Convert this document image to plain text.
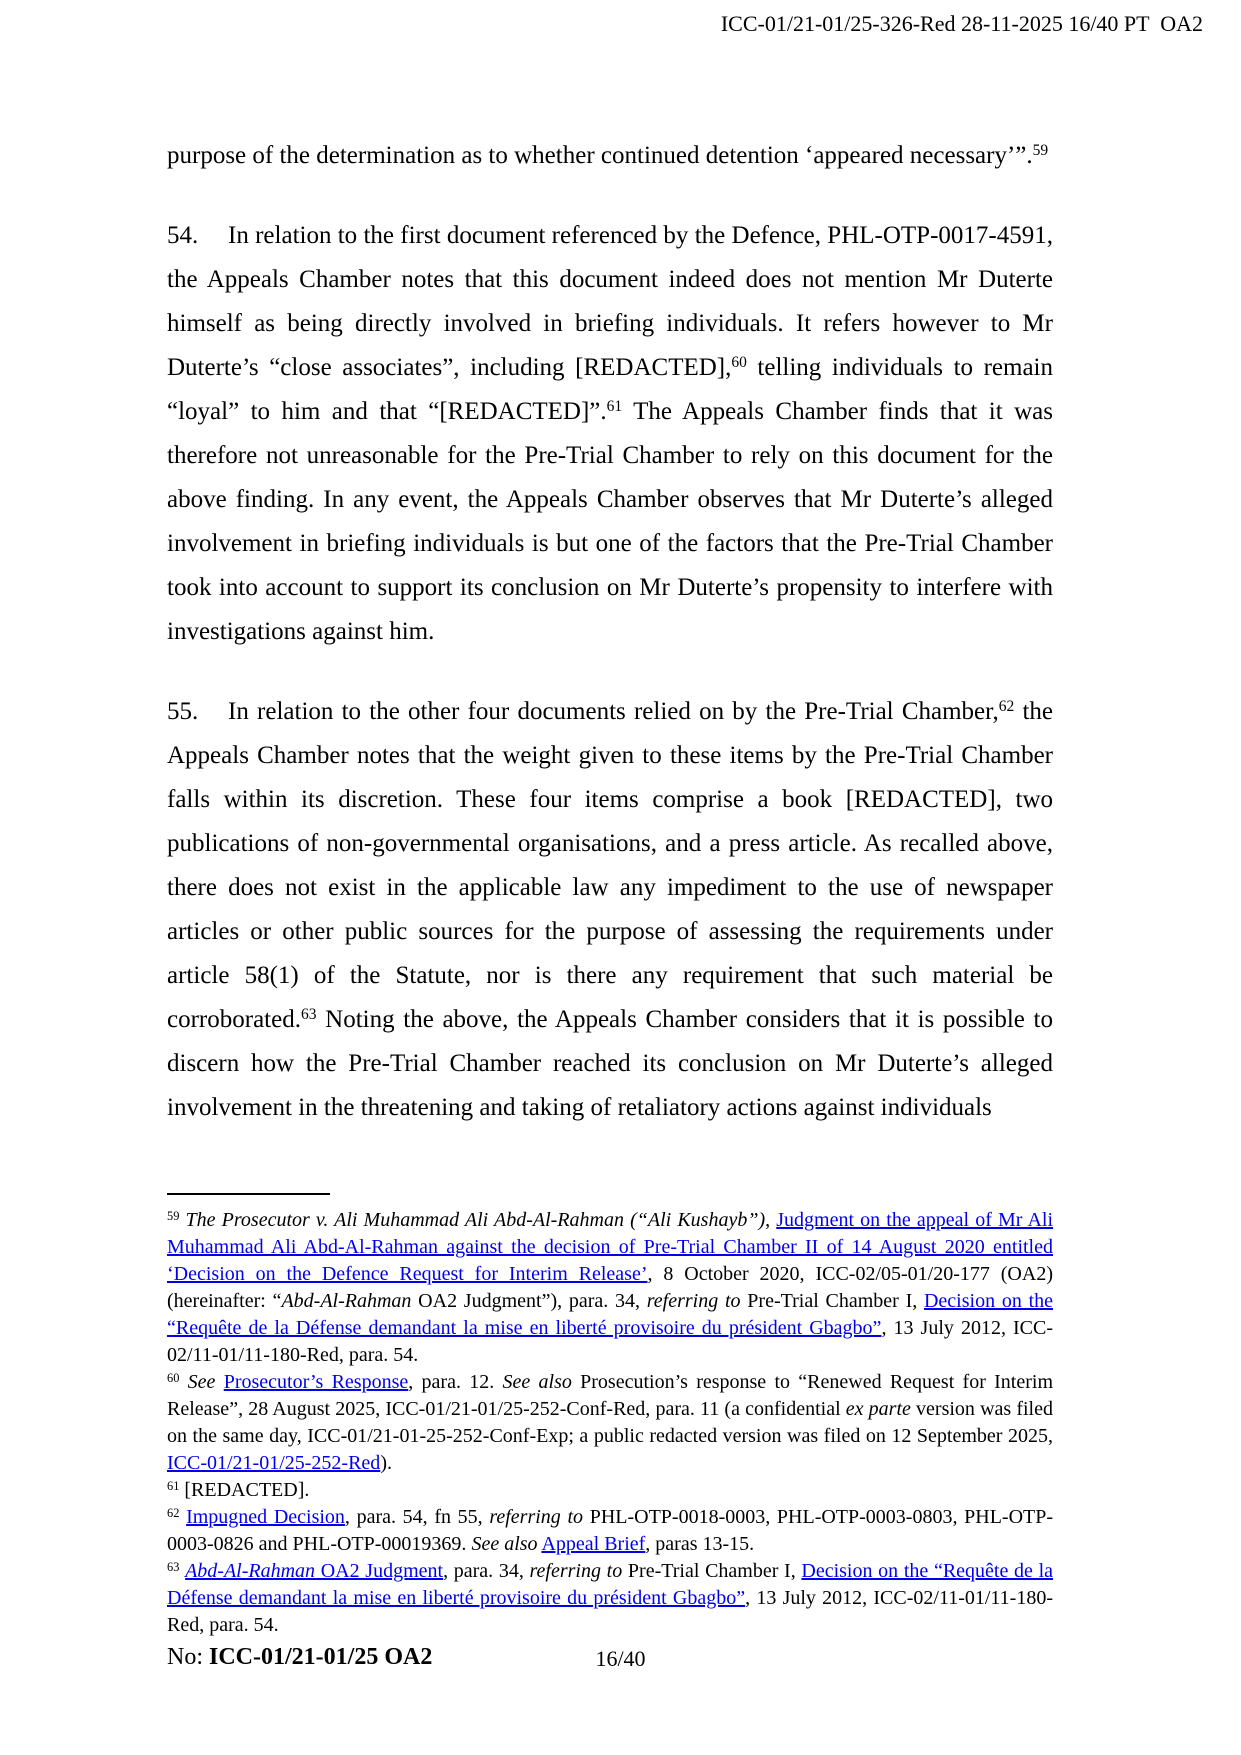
ICC-01/21-01/25-326-Red 28-11-2025 16/40 PT  OA2

purpose of the determination as to whether continued detention ‘appeared necessary’”.$^{59}$

54. In relation to the first document referenced by the Defence, PHL-OTP-0017-4591, the Appeals Chamber notes that this document indeed does not mention Mr Duterte himself as being directly involved in briefing individuals. It refers however to Mr Duterte’s “close associates”, including [REDACTED],$^{60}$ telling individuals to remain “loyal” to him and that “[REDACTED]”.$^{61}$ The Appeals Chamber finds that it was therefore not unreasonable for the Pre-Trial Chamber to rely on this document for the above finding. In any event, the Appeals Chamber observes that Mr Duterte’s alleged involvement in briefing individuals is but one of the factors that the Pre-Trial Chamber took into account to support its conclusion on Mr Duterte’s propensity to interfere with investigations against him.

55. In relation to the other four documents relied on by the Pre-Trial Chamber,$^{62}$ the Appeals Chamber notes that the weight given to these items by the Pre-Trial Chamber falls within its discretion. These four items comprise a book [REDACTED], two publications of non-governmental organisations, and a press article. As recalled above, there does not exist in the applicable law any impediment to the use of newspaper articles or other public sources for the purpose of assessing the requirements under article 58(1) of the Statute, nor is there any requirement that such material be corroborated.$^{63}$ Noting the above, the Appeals Chamber considers that it is possible to discern how the Pre-Trial Chamber reached its conclusion on Mr Duterte’s alleged involvement in the threatening and taking of retaliatory actions against individuals

$^{59}$ The Prosecutor v. Ali Muhammad Ali Abd-Al-Rahman (“Ali Kushayb”), Judgment on the appeal of Mr Ali Muhammad Ali Abd-Al-Rahman against the decision of Pre-Trial Chamber II of 14 August 2020 entitled ‘Decision on the Defence Request for Interim Release’, 8 October 2020, ICC-02/05-01/20-177 (OA2) (hereinafter: “Abd-Al-Rahman OA2 Judgment”), para. 34, referring to Pre-Trial Chamber I, Decision on the “Requête de la Défense demandant la mise en liberté provisoire du président Gbagbo”, 13 July 2012, ICC-02/11-01/11-180-Red, para. 54.

$^{60}$ See Prosecutor’s Response, para. 12. See also Prosecution’s response to “Renewed Request for Interim Release”, 28 August 2025, ICC-01/21-01/25-252-Conf-Red, para. 11 (a confidential ex parte version was filed on the same day, ICC-01/21-01-25-252-Conf-Exp; a public redacted version was filed on 12 September 2025, ICC-01/21-01/25-252-Red).

$^{61}$ [REDACTED].

$^{62}$ Impugned Decision, para. 54, fn 55, referring to PHL-OTP-0018-0003, PHL-OTP-0003-0803, PHL-OTP-0003-0826 and PHL-OTP-00019369. See also Appeal Brief, paras 13-15.

$^{63}$ Abd-Al-Rahman OA2 Judgment, para. 34, referring to Pre-Trial Chamber I, Decision on the “Requête de la Défense demandant la mise en liberté provisoire du président Gbagbo”, 13 July 2012, ICC-02/11-01/11-180-Red, para. 54.

No: ICC-01/21-01/25 OA2	16/40
